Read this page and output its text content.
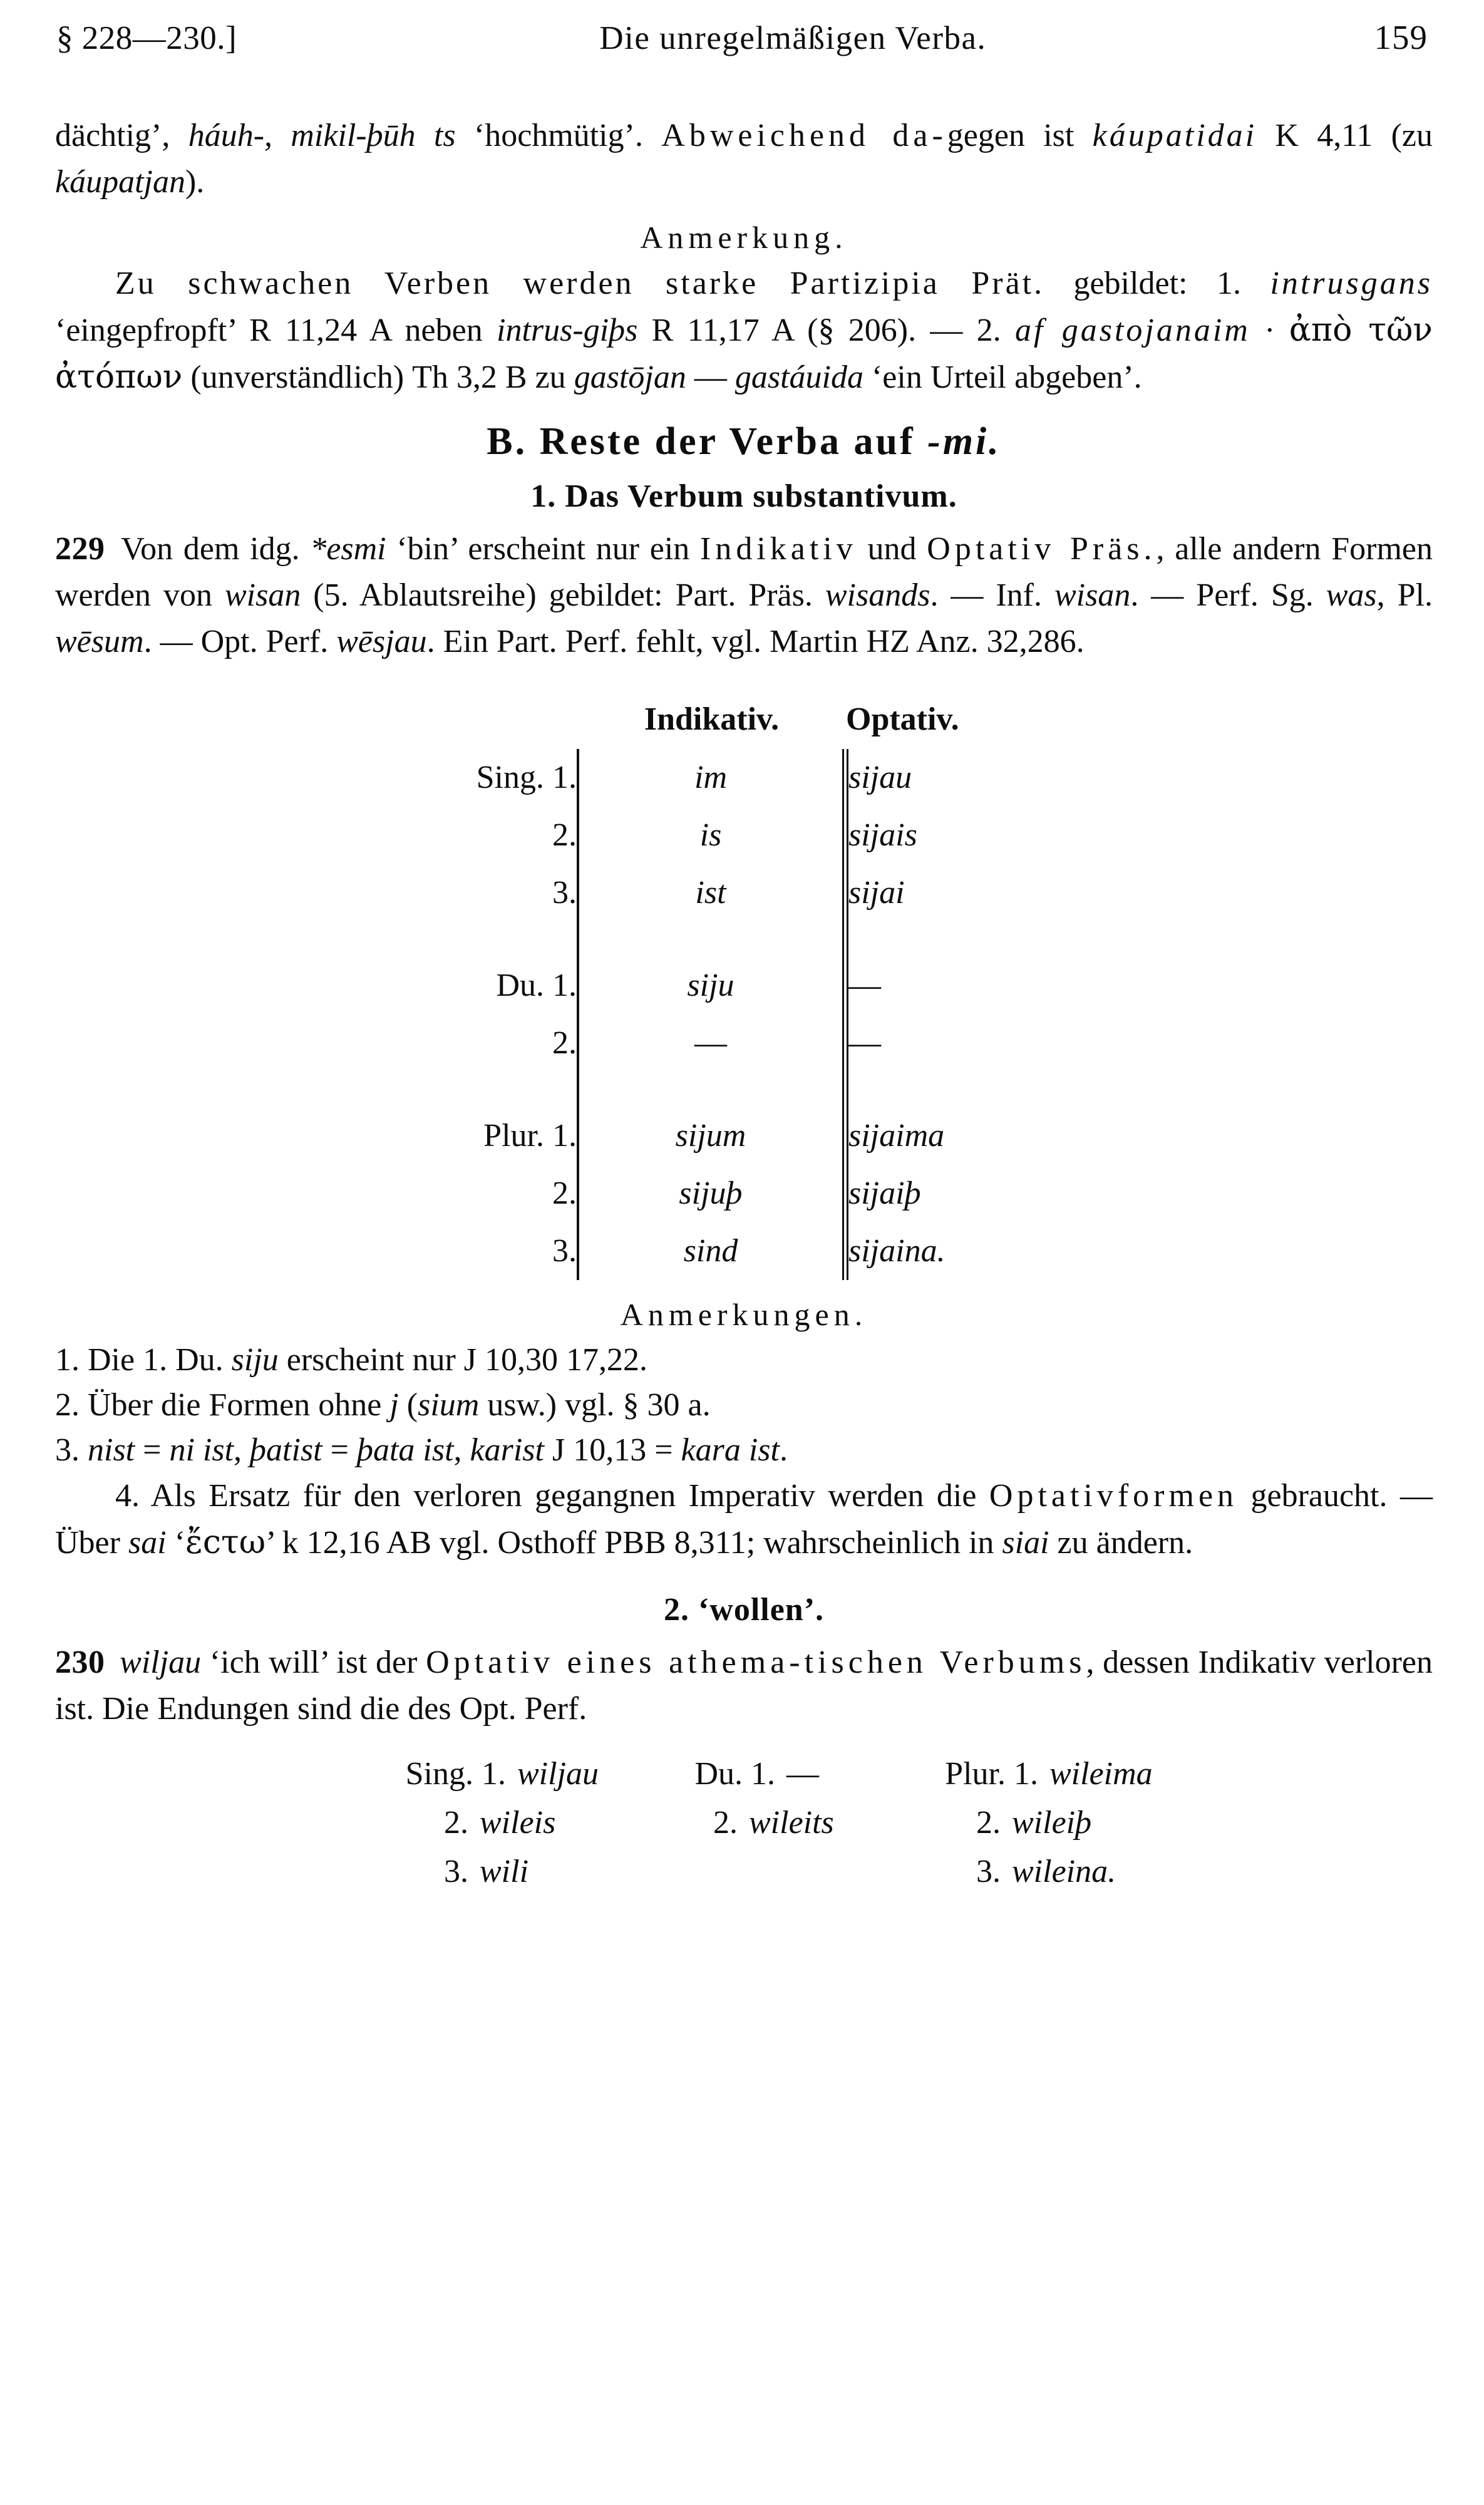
§ 228—230.]	Die unregelmäßigen Verba.	159

dächtig’, háuh-, mikil-þūh ts ‘hochmütig’. Abweichend da-gegen ist káupatidai K 4,11 (zu káupatjan).

Anmerkung.

Zu schwachen Verben werden starke Partizipia Prät. gebildet: 1. intrusgans ‘eingepfropft’ R 11,24 A neben intrus-giþs R 11,17 A (§ 206). — 2. af gastojanaim · ἀπὸ τῶν ἀτόπων (unverständlich) Th 3,2 B zu gastōjan — gastáuida ‘ein Urteil abgeben’.

B. Reste der Verba auf -mi.
1. Das Verbum substantivum.

229 Von dem idg. *esmi ‘bin’ erscheint nur ein Indikativ und Optativ Präs., alle andern Formen werden von wisan (5. Ablautsreihe) gebildet: Part. Präs. wisands. — Inf. wisan. — Perf. Sg. was, Pl. wēsum. — Opt. Perf. wēsjau. Ein Part. Perf. fehlt, vgl. Martin HZ Anz. 32,286.

	Indikativ.	Optativ.
Sing. 1.	im	sijau
2.	is	sijais
3.	ist	sijai

Du. 1.	siju	—
2.	—	—

Plur. 1.	sijum	sijaima
2.	sijuþ	sijaiþ
3.	sind	sijaina.
Anmerkungen.

1. Die 1. Du. siju erscheint nur J 10,30 17,22.

2. Über die Formen ohne j (sium usw.) vgl. § 30 a.

3. nist = ni ist, þatist = þata ist, karist J 10,13 = kara ist.

4. Als Ersatz für den verloren gegangnen Imperativ werden die Optativformen gebraucht. — Über sai ‘ἔcτω’ k 12,16 AB vgl. Osthoff PBB 8,311; wahrscheinlich in siai zu ändern.

2. ‘wollen’.

230 wiljau ‘ich will’ ist der Optativ eines athema-tischen Verbums, dessen Indikativ verloren ist. Die Endungen sind die des Opt. Perf.

Sing. 1. wiljau
2. wileis
3. wili
Du. 1. —
2. wileits
Plur. 1. wileima
2. wileiþ
3. wileina.
